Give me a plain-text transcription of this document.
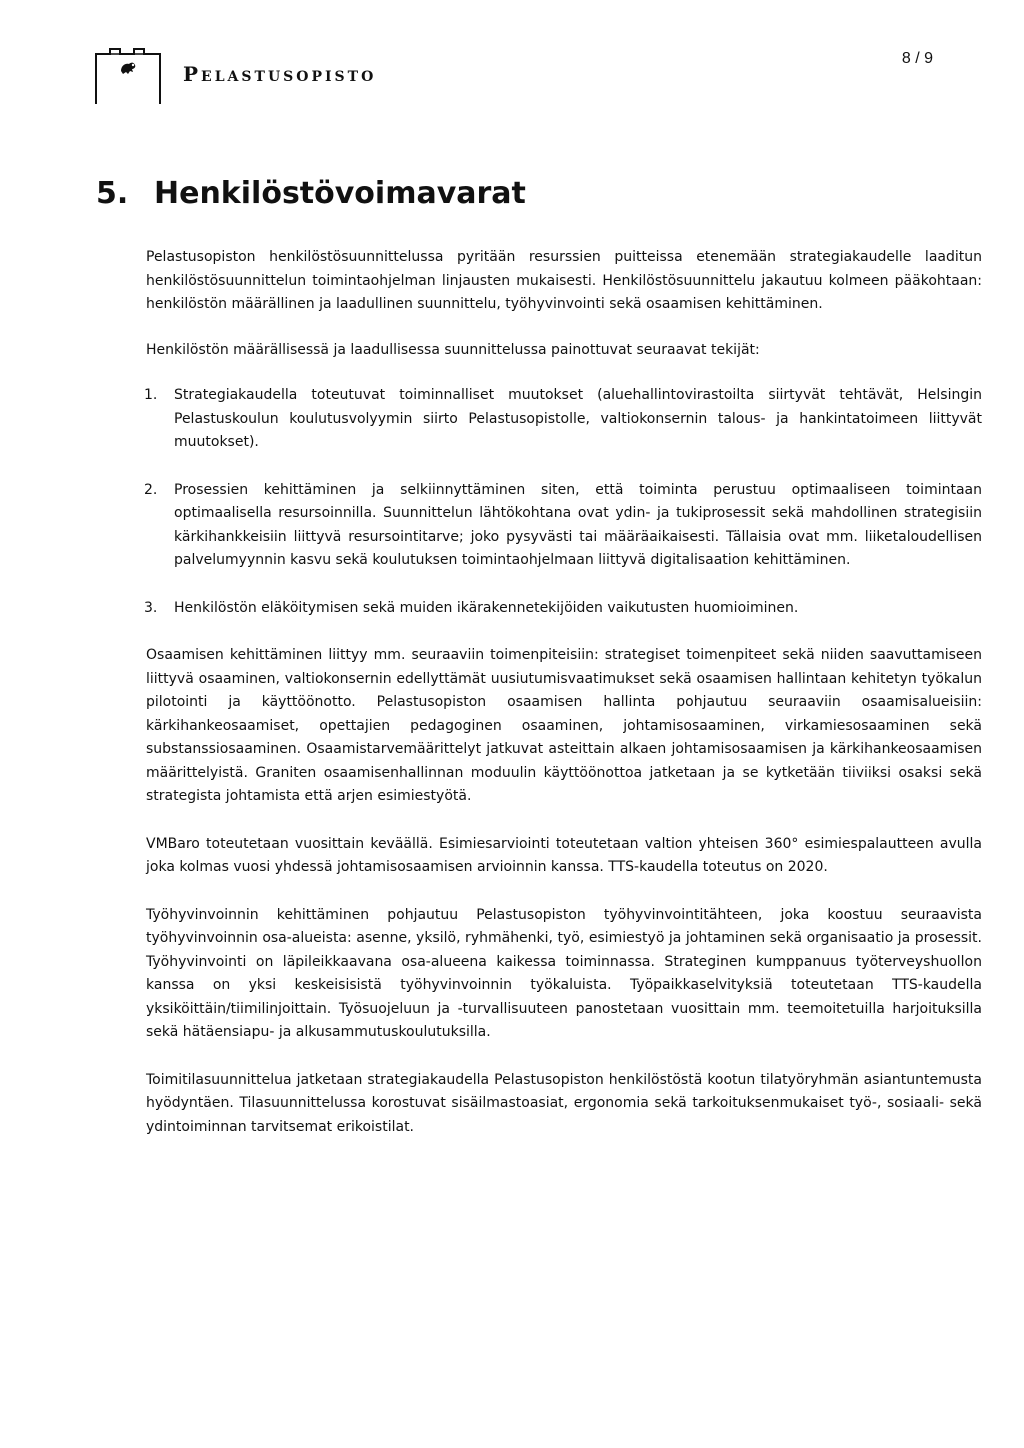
Pelastusopisto
8 / 9
5. Henkilöstövoimavarat

Pelastusopiston henkilöstösuunnittelussa pyritään resurssien puitteissa etenemään strategiakaudelle laaditun henkilöstösuunnittelun toimintaohjelman linjausten mukaisesti. Henkilöstösuunnittelu jakautuu kolmeen pääkohtaan: henkilöstön määrällinen ja laadullinen suunnittelu, työhyvinvointi sekä osaamisen kehittäminen.

Henkilöstön määrällisessä ja laadullisessa suunnittelussa painottuvat seuraavat tekijät:

1. Strategiakaudella toteutuvat toiminnalliset muutokset (aluehallintovirastoilta siirtyvät tehtävät, Helsingin Pelastuskoulun koulutusvolyymin siirto Pelastusopistolle, valtiokonsernin talous- ja hankintatoimeen liittyvät muutokset).
2. Prosessien kehittäminen ja selkiinnyttäminen siten, että toiminta perustuu optimaaliseen toimintaan optimaalisella resursoinnilla. Suunnittelun lähtökohtana ovat ydin- ja tukiprosessit sekä mahdollinen strategisiin kärkihankkeisiin liittyvä resursointitarve; joko pysyvästi tai määräaikaisesti. Tällaisia ovat mm. liiketaloudellisen palvelumyynnin kasvu sekä koulutuksen toimintaohjelmaan liittyvä digitalisaation kehittäminen.
3. Henkilöstön eläköitymisen sekä muiden ikärakennetekijöiden vaikutusten huomioiminen.

Osaamisen kehittäminen liittyy mm. seuraaviin toimenpiteisiin: strategiset toimenpiteet sekä niiden saavuttamiseen liittyvä osaaminen, valtiokonsernin edellyttämät uusiutumisvaatimukset sekä osaamisen hallintaan kehitetyn työkalun pilotointi ja käyttöönotto. Pelastusopiston osaamisen hallinta pohjautuu seuraaviin osaamisalueisiin: kärkihankeosaamiset, opettajien pedagoginen osaaminen, johtamisosaaminen, virkamiesosaaminen sekä substanssiosaaminen. Osaamistarvemäärittelyt jatkuvat asteittain alkaen johtamisosaamisen ja kärkihankeosaamisen määrittelyistä. Graniten osaamisenhallinnan moduulin käyttöönottoa jatketaan ja se kytketään tiiviiksi osaksi sekä strategista johtamista että arjen esimiestyötä.

VMBaro toteutetaan vuosittain keväällä. Esimiesarviointi toteutetaan valtion yhteisen 360° esimiespalautteen avulla joka kolmas vuosi yhdessä johtamisosaamisen arvioinnin kanssa. TTS-kaudella toteutus on 2020.

Työhyvinvoinnin kehittäminen pohjautuu Pelastusopiston työhyvinvointitähteen, joka koostuu seuraavista työhyvinvoinnin osa-alueista: asenne, yksilö, ryhmähenki, työ, esimiestyö ja johtaminen sekä organisaatio ja prosessit. Työhyvinvointi on läpileikkaavana osa-alueena kaikessa toiminnassa. Strateginen kumppanuus työterveyshuollon kanssa on yksi keskeisisistä työhyvinvoinnin työkaluista. Työpaikkaselvityksiä toteutetaan TTS-kaudella yksiköittäin/tiimilinjoittain. Työsuojeluun ja -turvallisuuteen panostetaan vuosittain mm. teemoitetuilla harjoituksilla sekä hätäensiapu- ja alkusammutuskoulutuksilla.

Toimitilasuunnittelua jatketaan strategiakaudella Pelastusopiston henkilöstöstä kootun tilatyöryhmän asiantuntemusta hyödyntäen. Tilasuunnittelussa korostuvat sisäilmastoasiat, ergonomia sekä tarkoituksenmukaiset työ-, sosiaali- sekä ydintoiminnan tarvitsemat erikoistilat.
